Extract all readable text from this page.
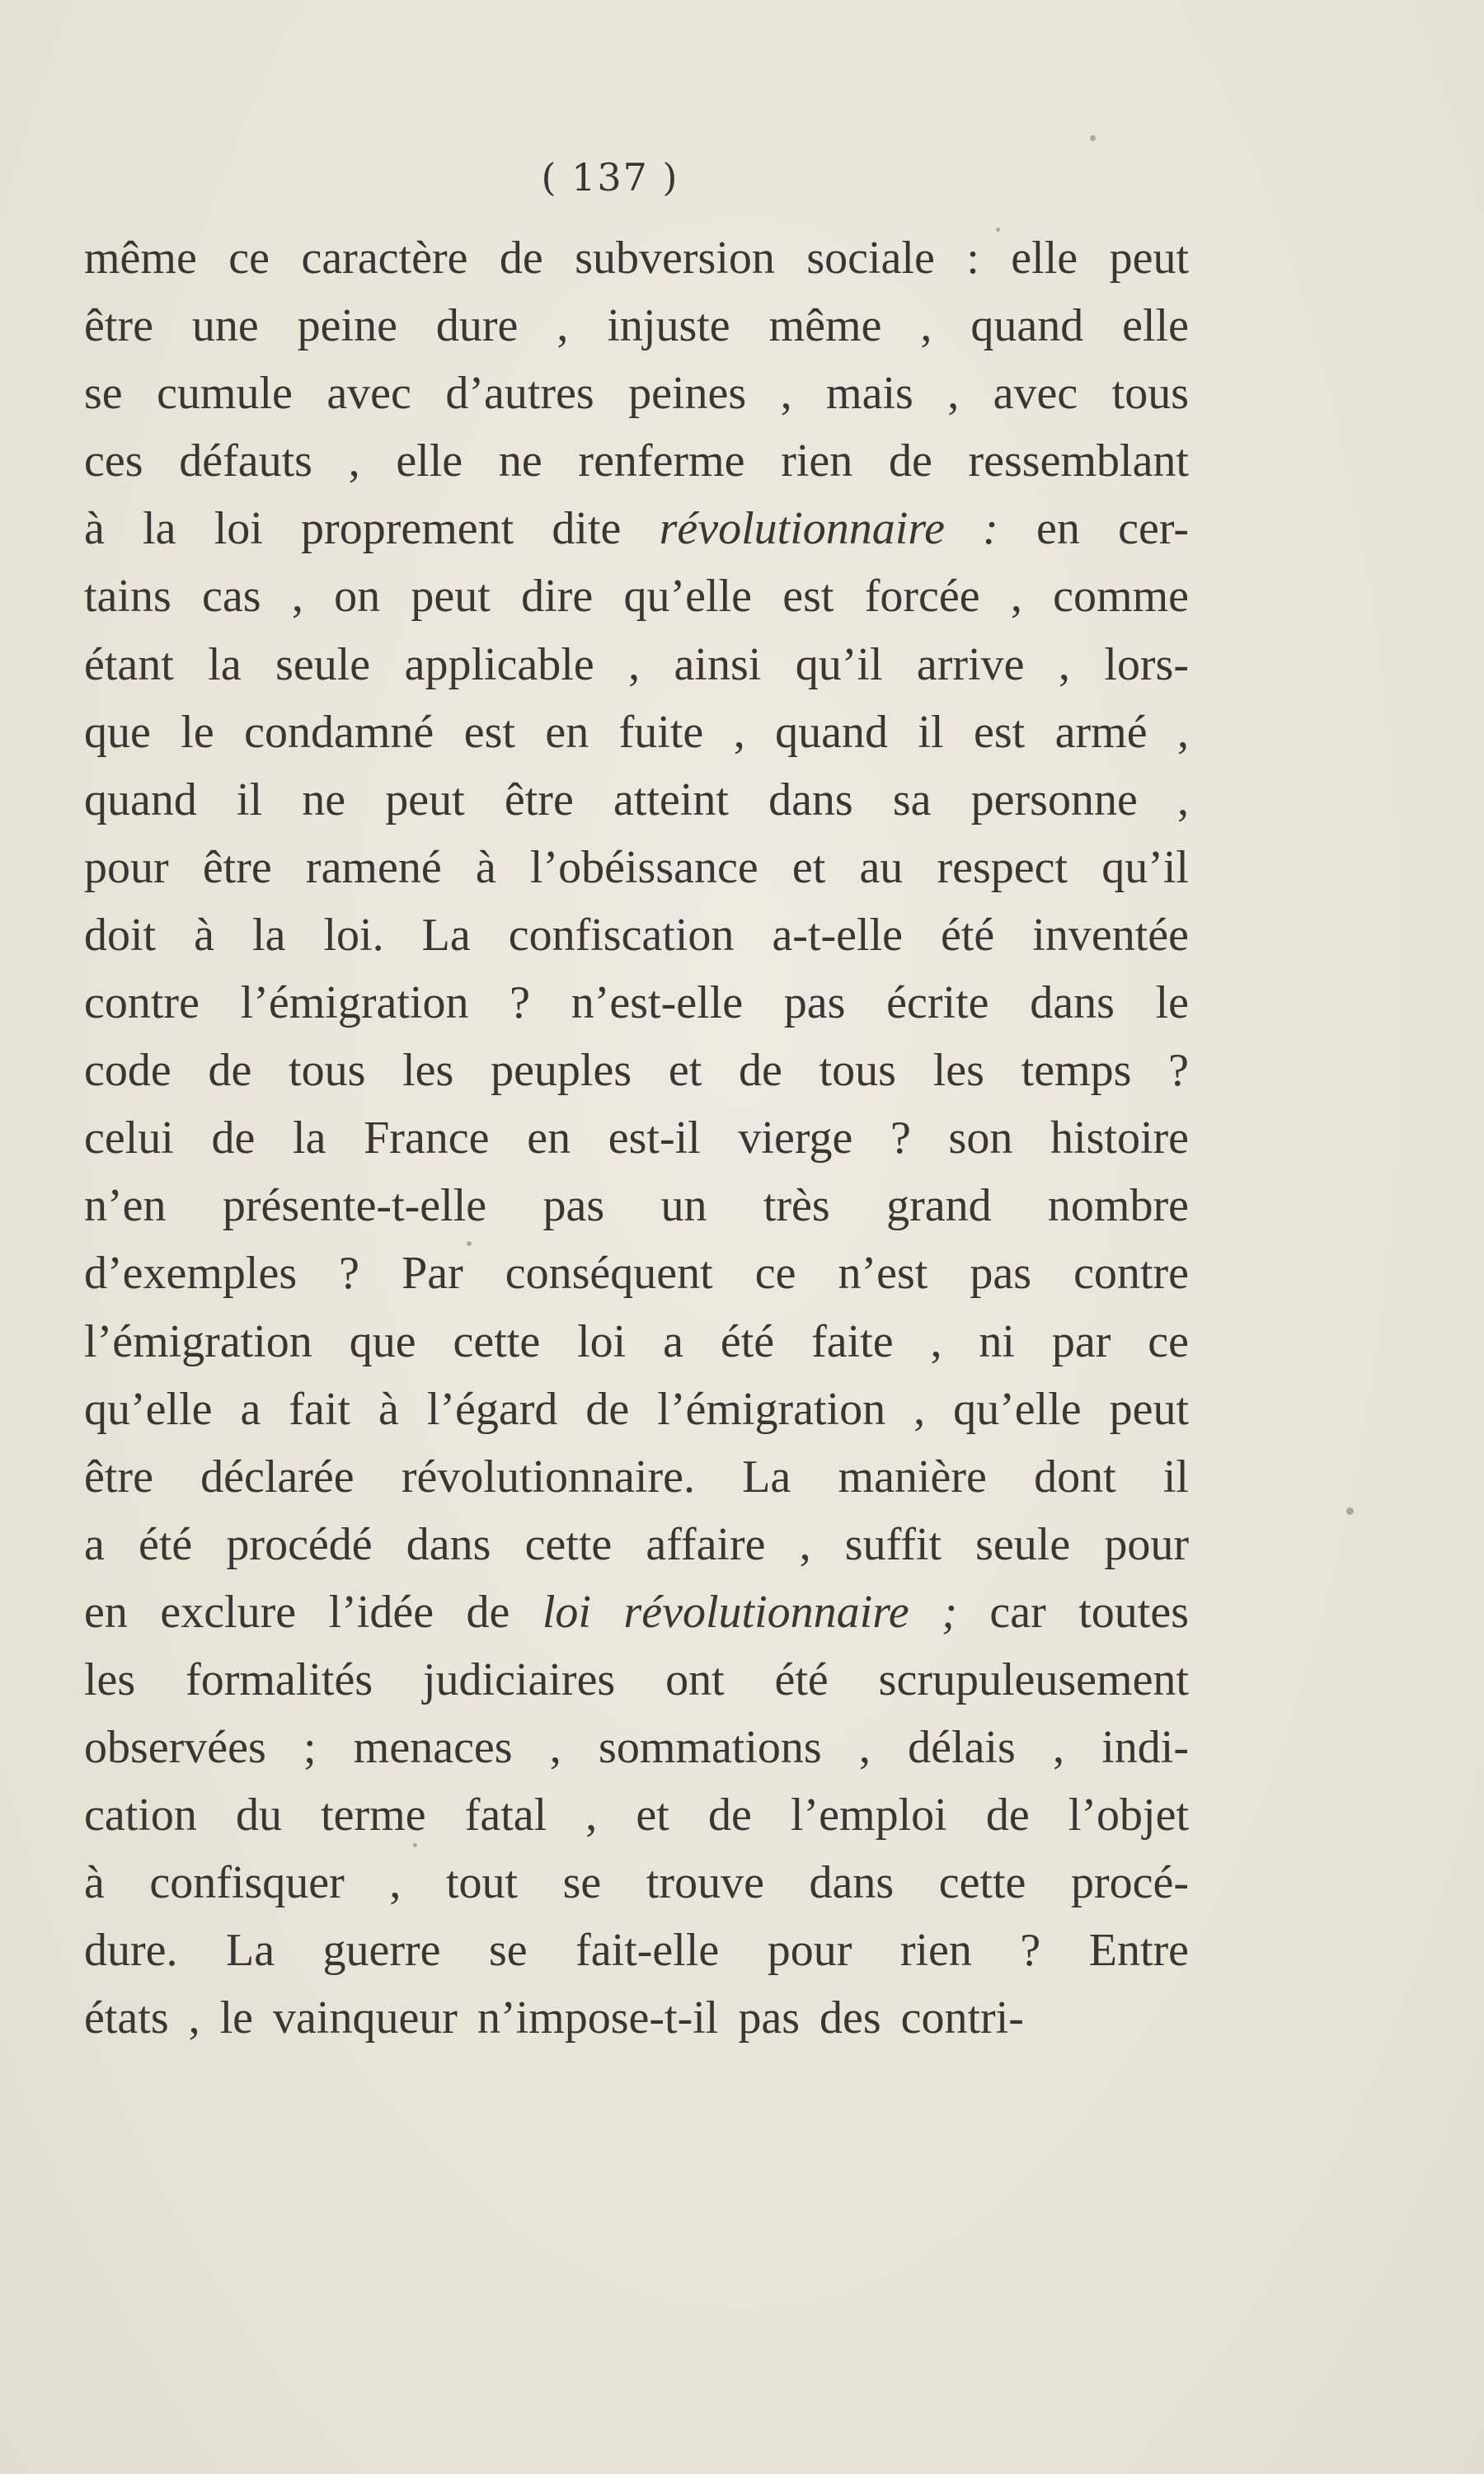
( 137 )
même ce caractère de subversion sociale : elle peut
être une peine dure , injuste même , quand elle
se cumule avec d’autres peines , mais , avec tous
ces défauts , elle ne renferme rien de ressemblant
à la loi proprement dite révolutionnaire : en cer-
tains cas , on peut dire qu’elle est forcée , comme
étant la seule applicable , ainsi qu’il arrive , lors-
que le condamné est en fuite , quand il est armé ,
quand il ne peut être atteint dans sa personne ,
pour être ramené à l’obéissance et au respect qu’il
doit à la loi. La confiscation a-t-elle été inventée
contre l’émigration ? n’est-elle pas écrite dans le
code de tous les peuples et de tous les temps ?
celui de la France en est-il vierge ? son histoire
n’en présente-t-elle pas un très grand nombre
d’exemples ? Par conséquent ce n’est pas contre
l’émigration que cette loi a été faite , ni par ce
qu’elle a fait à l’égard de l’émigration , qu’elle peut
être déclarée révolutionnaire. La manière dont il
a été procédé dans cette affaire , suffit seule pour
en exclure l’idée de loi révolutionnaire ; car toutes
les formalités judiciaires ont été scrupuleusement
observées ; menaces , sommations , délais , indi-
cation du terme fatal , et de l’emploi de l’objet
à confisquer , tout se trouve dans cette procé-
dure. La guerre se fait-elle pour rien ? Entre
états , le vainqueur n’impose-t-il pas des contri-
